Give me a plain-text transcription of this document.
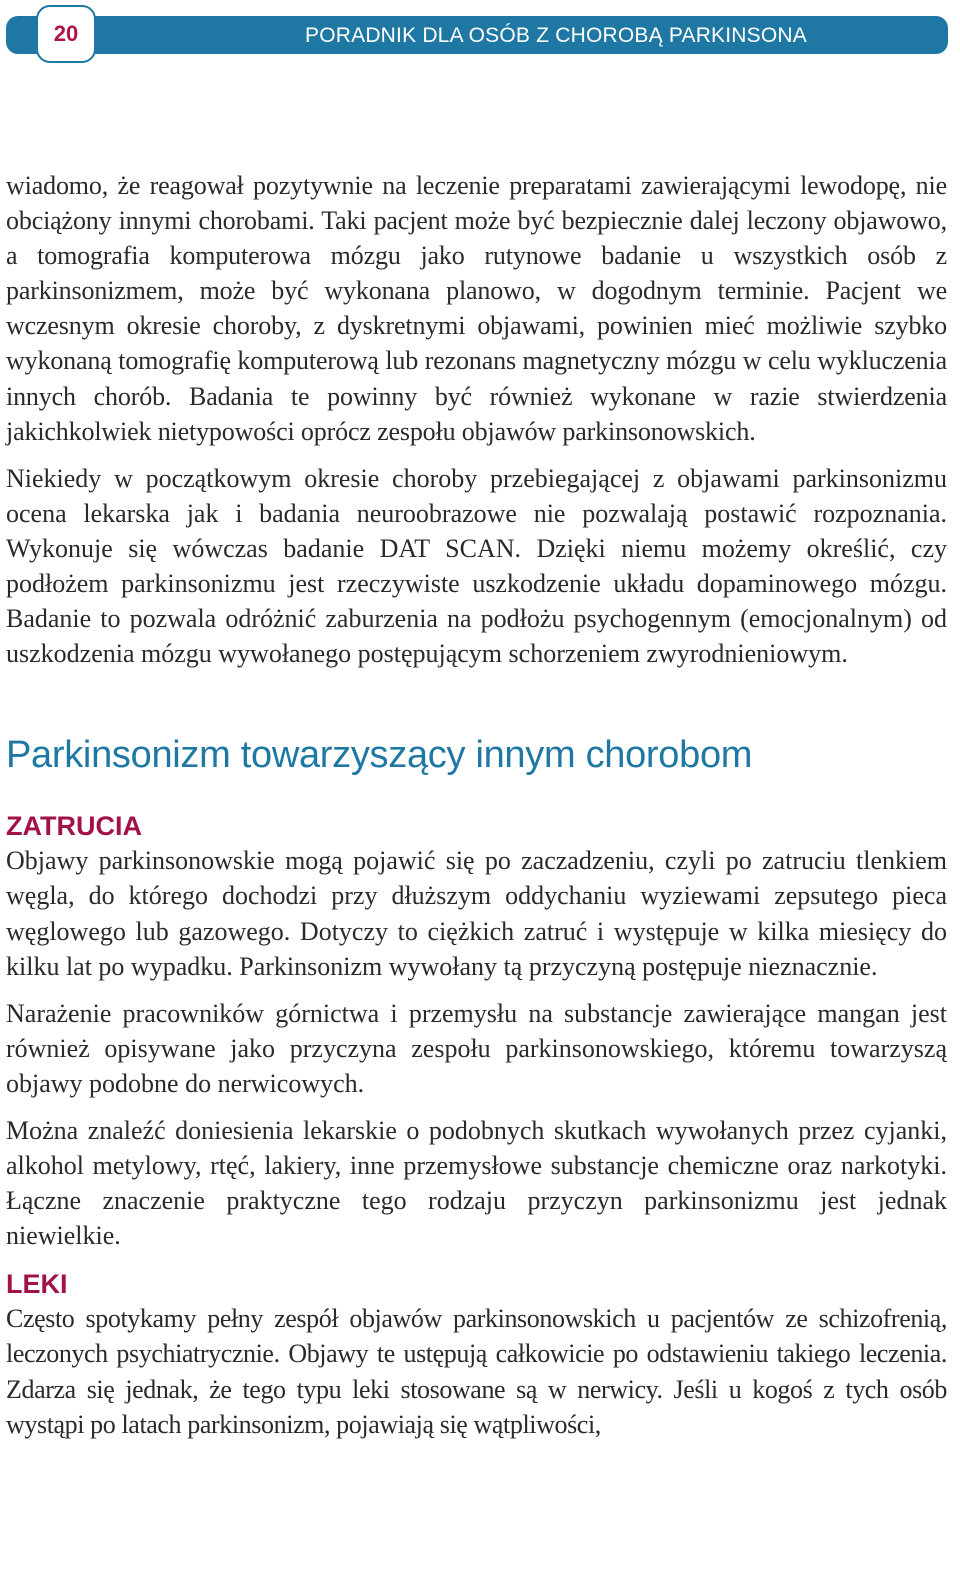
20	PORADNIK DLA OSÓB Z CHOROBĄ PARKINSONA

wiadomo, że reagował pozytywnie na leczenie preparatami zawierającymi lewodopę, nie obciążony innymi chorobami. Taki pacjent może być bezpiecznie dalej leczony objawowo, a tomografia komputerowa mózgu jako rutynowe badanie u wszystkich osób z parkinsonizmem, może być wykonana planowo, w dogodnym terminie. Pacjent we wczesnym okresie choroby, z dyskretnymi objawami, powinien mieć możliwie szybko wykonaną tomografię komputerową lub rezonans magnetyczny mózgu w celu wykluczenia innych chorób. Badania te powinny być również wykonane w razie stwierdzenia jakichkolwiek nietypowości oprócz zespołu objawów parkinsonowskich.

Niekiedy w początkowym okresie choroby przebiegającej z objawami parkinsonizmu ocena lekarska jak i badania neuroobrazowe nie pozwalają postawić rozpoznania. Wykonuje się wówczas badanie DAT SCAN. Dzięki niemu możemy określić, czy podłożem parkinsonizmu jest rzeczywiste uszkodzenie układu dopaminowego mózgu. Badanie to pozwala odróżnić zaburzenia na podłożu psychogennym (emocjonalnym) od uszkodzenia mózgu wywołanego postępującym schorzeniem zwyrodnieniowym.

Parkinsonizm towarzyszący innym chorobom
ZATRUCIA

Objawy parkinsonowskie mogą pojawić się po zaczadzeniu, czyli po zatruciu tlenkiem węgla, do którego dochodzi przy dłuższym oddychaniu wyziewami zepsutego pieca węglowego lub gazowego. Dotyczy to ciężkich zatruć i występuje w kilka miesięcy do kilku lat po wypadku. Parkinsonizm wywołany tą przyczyną postępuje nieznacznie.

Narażenie pracowników górnictwa i przemysłu na substancje zawierające mangan jest również opisywane jako przyczyna zespołu parkinsonowskiego, któremu towarzyszą objawy podobne do nerwicowych.

Można znaleźć doniesienia lekarskie o podobnych skutkach wywołanych przez cyjanki, alkohol metylowy, rtęć, lakiery, inne przemysłowe substancje chemiczne oraz narkotyki. Łączne znaczenie praktyczne tego rodzaju przyczyn parkinsonizmu jest jednak niewielkie.

LEKI

Często spotykamy pełny zespół objawów parkinsonowskich u pacjentów ze schizofrenią, leczonych psychiatrycznie. Objawy te ustępują całkowicie po odstawieniu takiego leczenia. Zdarza się jednak, że tego typu leki stosowane są w nerwicy. Jeśli u kogoś z tych osób wystąpi po latach parkinsonizm, pojawiają się wątpliwości,
